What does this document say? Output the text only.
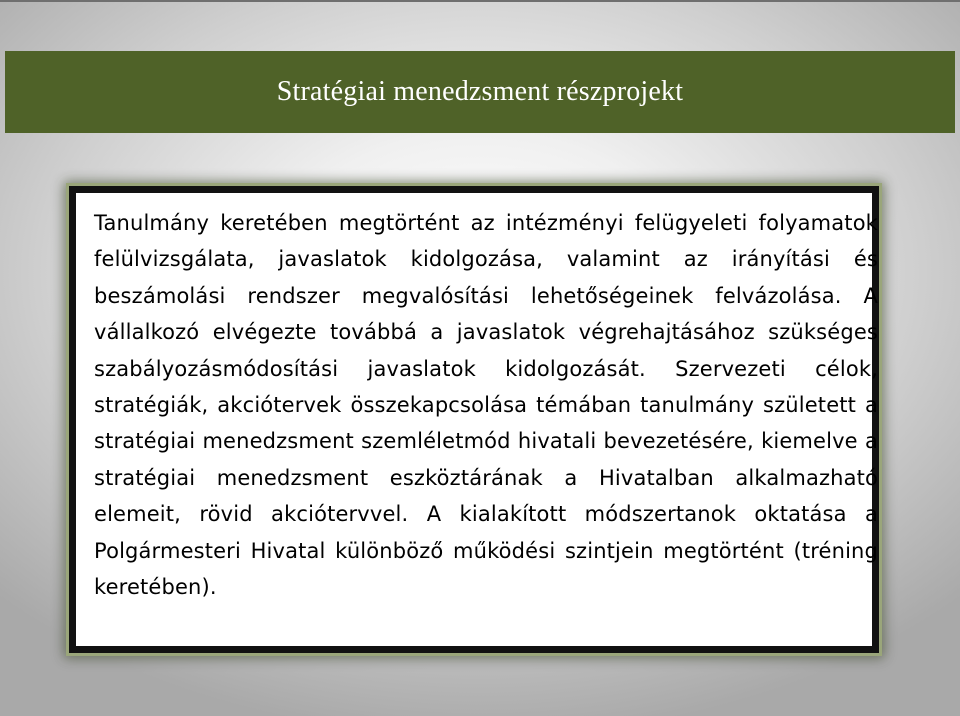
Stratégiai menedzsment részprojekt

Tanulmány keretében megtörtént az intézményi felügyeleti folyamatok felülvizsgálata, javaslatok kidolgozása, valamint az irányítási és beszámolási rendszer megvalósítási lehetőségeinek felvázolása. A vállalkozó elvégezte továbbá a javaslatok végrehajtásához szükséges szabályozásmódosítási javaslatok kidolgozását. Szervezeti célok, stratégiák, akciótervek összekapcsolása témában tanulmány született a stratégiai menedzsment szemléletmód hivatali bevezetésére, kiemelve a stratégiai menedzsment eszköztárának a Hivatalban alkalmazható elemeit, rövid akciótervvel. A kialakított módszertanok oktatása a Polgármesteri Hivatal különböző működési szintjein megtörtént (tréning keretében).
